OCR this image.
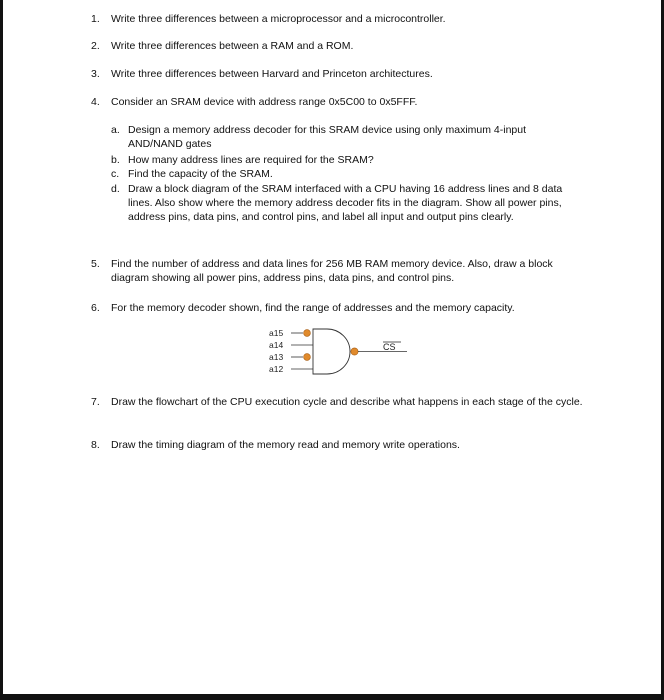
1. Write three differences between a microprocessor and a microcontroller.
2. Write three differences between a RAM and a ROM.
3. Write three differences between Harvard and Princeton architectures.
4. Consider an SRAM device with address range 0x5C00 to 0x5FFF.
a. Design a memory address decoder for this SRAM device using only maximum 4-input AND/NAND gates
b. How many address lines are required for the SRAM?
c. Find the capacity of the SRAM.
d. Draw a block diagram of the SRAM interfaced with a CPU having 16 address lines and 8 data lines. Also show where the memory address decoder fits in the diagram. Show all power pins, address pins, data pins, and control pins, and label all input and output pins clearly.
5. Find the number of address and data lines for 256 MB RAM memory device. Also, draw a block diagram showing all power pins, address pins, data pins, and control pins.
6. For the memory decoder shown, find the range of addresses and the memory capacity.
a15
a14
a13
a12
CS
7. Draw the flowchart of the CPU execution cycle and describe what happens in each stage of the cycle.
8. Draw the timing diagram of the memory read and memory write operations.
